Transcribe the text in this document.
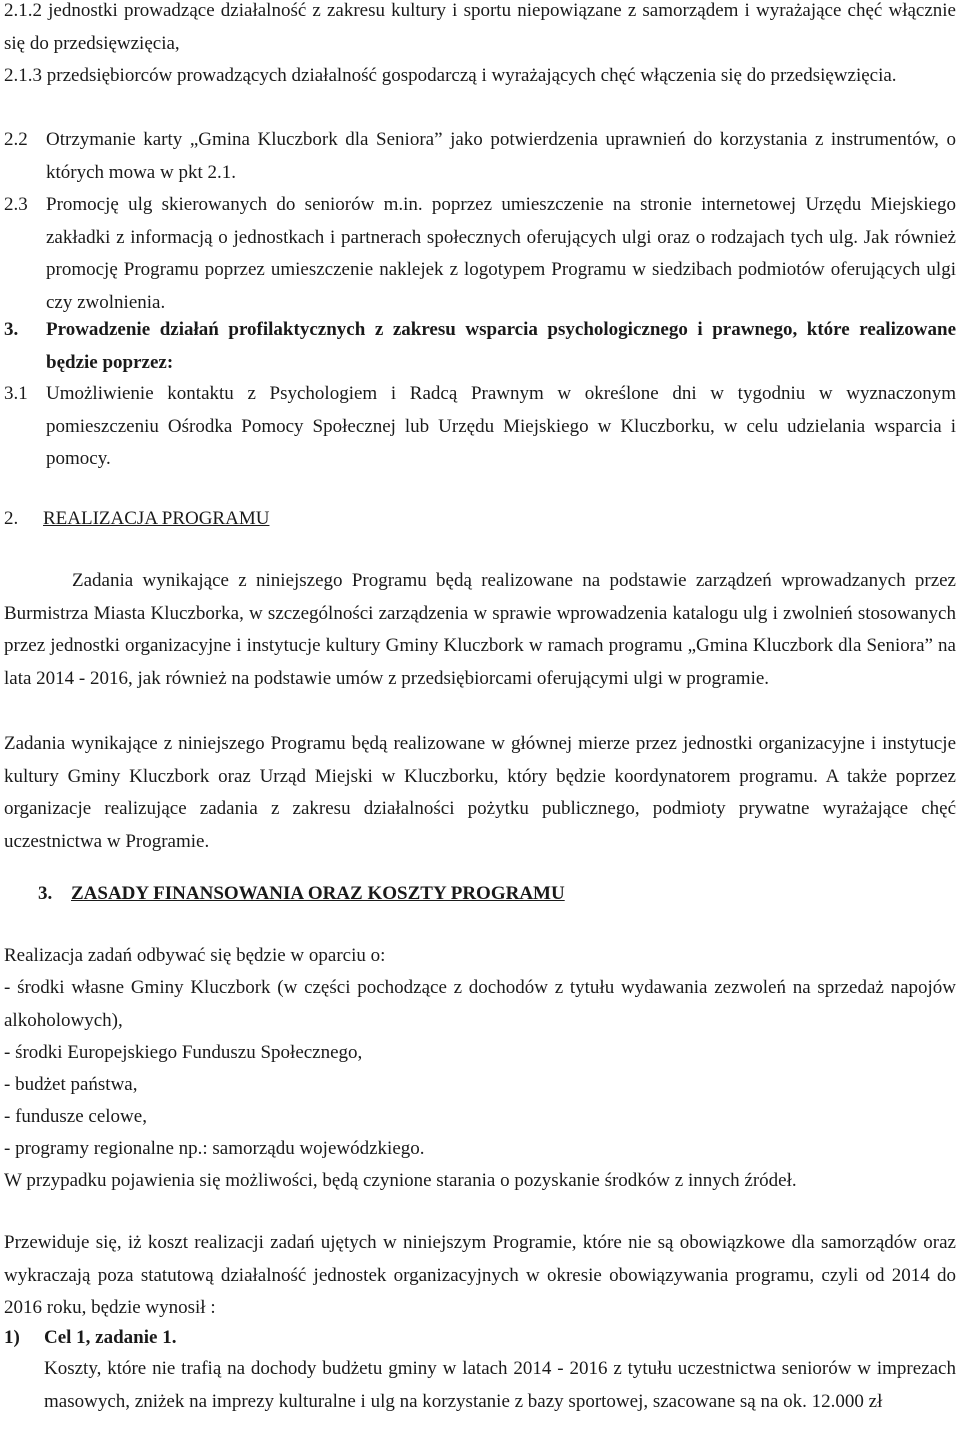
2.1.2 jednostki prowadzące działalność z zakresu kultury i sportu niepowiązane z samorządem i wyrażające chęć włącznie się do przedsięwzięcia,
2.1.3 przedsiębiorców prowadzących działalność gospodarczą i wyrażających chęć włączenia się do przedsięwzięcia.
2.2 Otrzymanie karty „Gmina Kluczbork dla Seniora” jako potwierdzenia uprawnień do korzystania z instrumentów, o których mowa w pkt 2.1.
2.3 Promocję ulg skierowanych do seniorów m.in. poprzez umieszczenie na stronie internetowej Urzędu Miejskiego zakładki z informacją o jednostkach i partnerach społecznych oferujących ulgi oraz o rodzajach tych ulg. Jak również promocję Programu poprzez umieszczenie naklejek z logotypem Programu w siedzibach podmiotów oferujących ulgi czy zwolnienia.
3. Prowadzenie działań profilaktycznych z zakresu wsparcia psychologicznego i prawnego, które realizowane będzie poprzez:
3.1 Umożliwienie kontaktu z Psychologiem i Radcą Prawnym w określone dni w tygodniu w wyznaczonym pomieszczeniu Ośrodka Pomocy Społecznej lub Urzędu Miejskiego w Kluczborku, w celu udzielania wsparcia i pomocy.
2. REALIZACJA PROGRAMU
Zadania wynikające z niniejszego Programu będą realizowane na podstawie zarządzeń wprowadzanych przez Burmistrza Miasta Kluczborka, w szczególności zarządzenia w sprawie wprowadzenia katalogu ulg i zwolnień stosowanych przez jednostki organizacyjne i instytucje kultury Gminy Kluczbork w ramach programu „Gmina Kluczbork dla Seniora” na lata 2014 - 2016, jak również na podstawie umów z przedsiębiorcami oferującymi ulgi w programie.
Zadania wynikające z niniejszego Programu będą realizowane w głównej mierze przez jednostki organizacyjne i instytucje kultury Gminy Kluczbork oraz Urząd Miejski w Kluczborku, który będzie koordynatorem programu. A także poprzez organizacje realizujące zadania z zakresu działalności pożytku publicznego, podmioty prywatne wyrażające chęć uczestnictwa w Programie.
3. ZASADY FINANSOWANIA ORAZ KOSZTY PROGRAMU
Realizacja zadań odbywać się będzie w oparciu o:
- środki własne Gminy Kluczbork (w części pochodzące z dochodów z tytułu wydawania zezwoleń na sprzedaż napojów alkoholowych),
- środki Europejskiego Funduszu Społecznego,
- budżet państwa,
- fundusze celowe,
- programy regionalne np.: samorządu wojewódzkiego.
W przypadku pojawienia się możliwości, będą czynione starania o pozyskanie środków z innych źródeł.
Przewiduje się, iż koszt realizacji zadań ujętych w niniejszym Programie, które nie są obowiązkowe dla samorządów oraz wykraczają poza statutową działalność jednostek organizacyjnych w okresie obowiązywania programu, czyli od 2014 do 2016 roku, będzie wynosił :
1) Cel 1, zadanie 1.
Koszty, które nie trafią na dochody budżetu gminy w latach 2014 - 2016 z tytułu uczestnictwa seniorów w imprezach masowych, zniżek na imprezy kulturalne i ulg na korzystanie z bazy sportowej, szacowane są na ok. 12.000 zł
